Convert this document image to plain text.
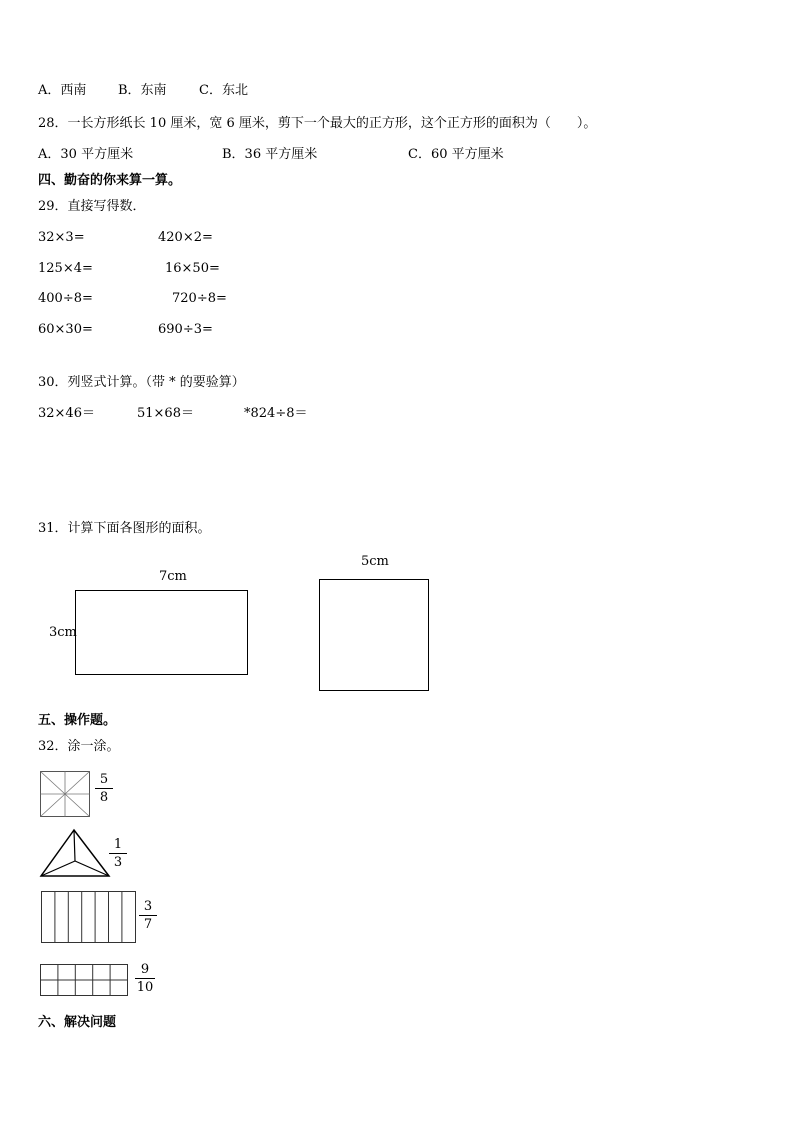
A．西南 B．东南 C．东北
28．一长方形纸长 10 厘米，宽 6 厘米，剪下一个最大的正方形，这个正方形的面积为（　　）。
A．30 平方厘米	B．36 平方厘米	C．60 平方厘米
四、勤奋的你来算一算。
29．直接写得数．
32×3=	420×2=
125×4=	16×50=
400÷8=	720÷8=
60×30=	690÷3=
30．列竖式计算。（带 * 的要验算）
32×46＝	51×68＝	*824÷8＝
31．计算下面各图形的面积。
7cm
3cm
5cm
五、操作题。
32．涂一涂。
5
8
1
3
3
7
9
10
六、解决问题
